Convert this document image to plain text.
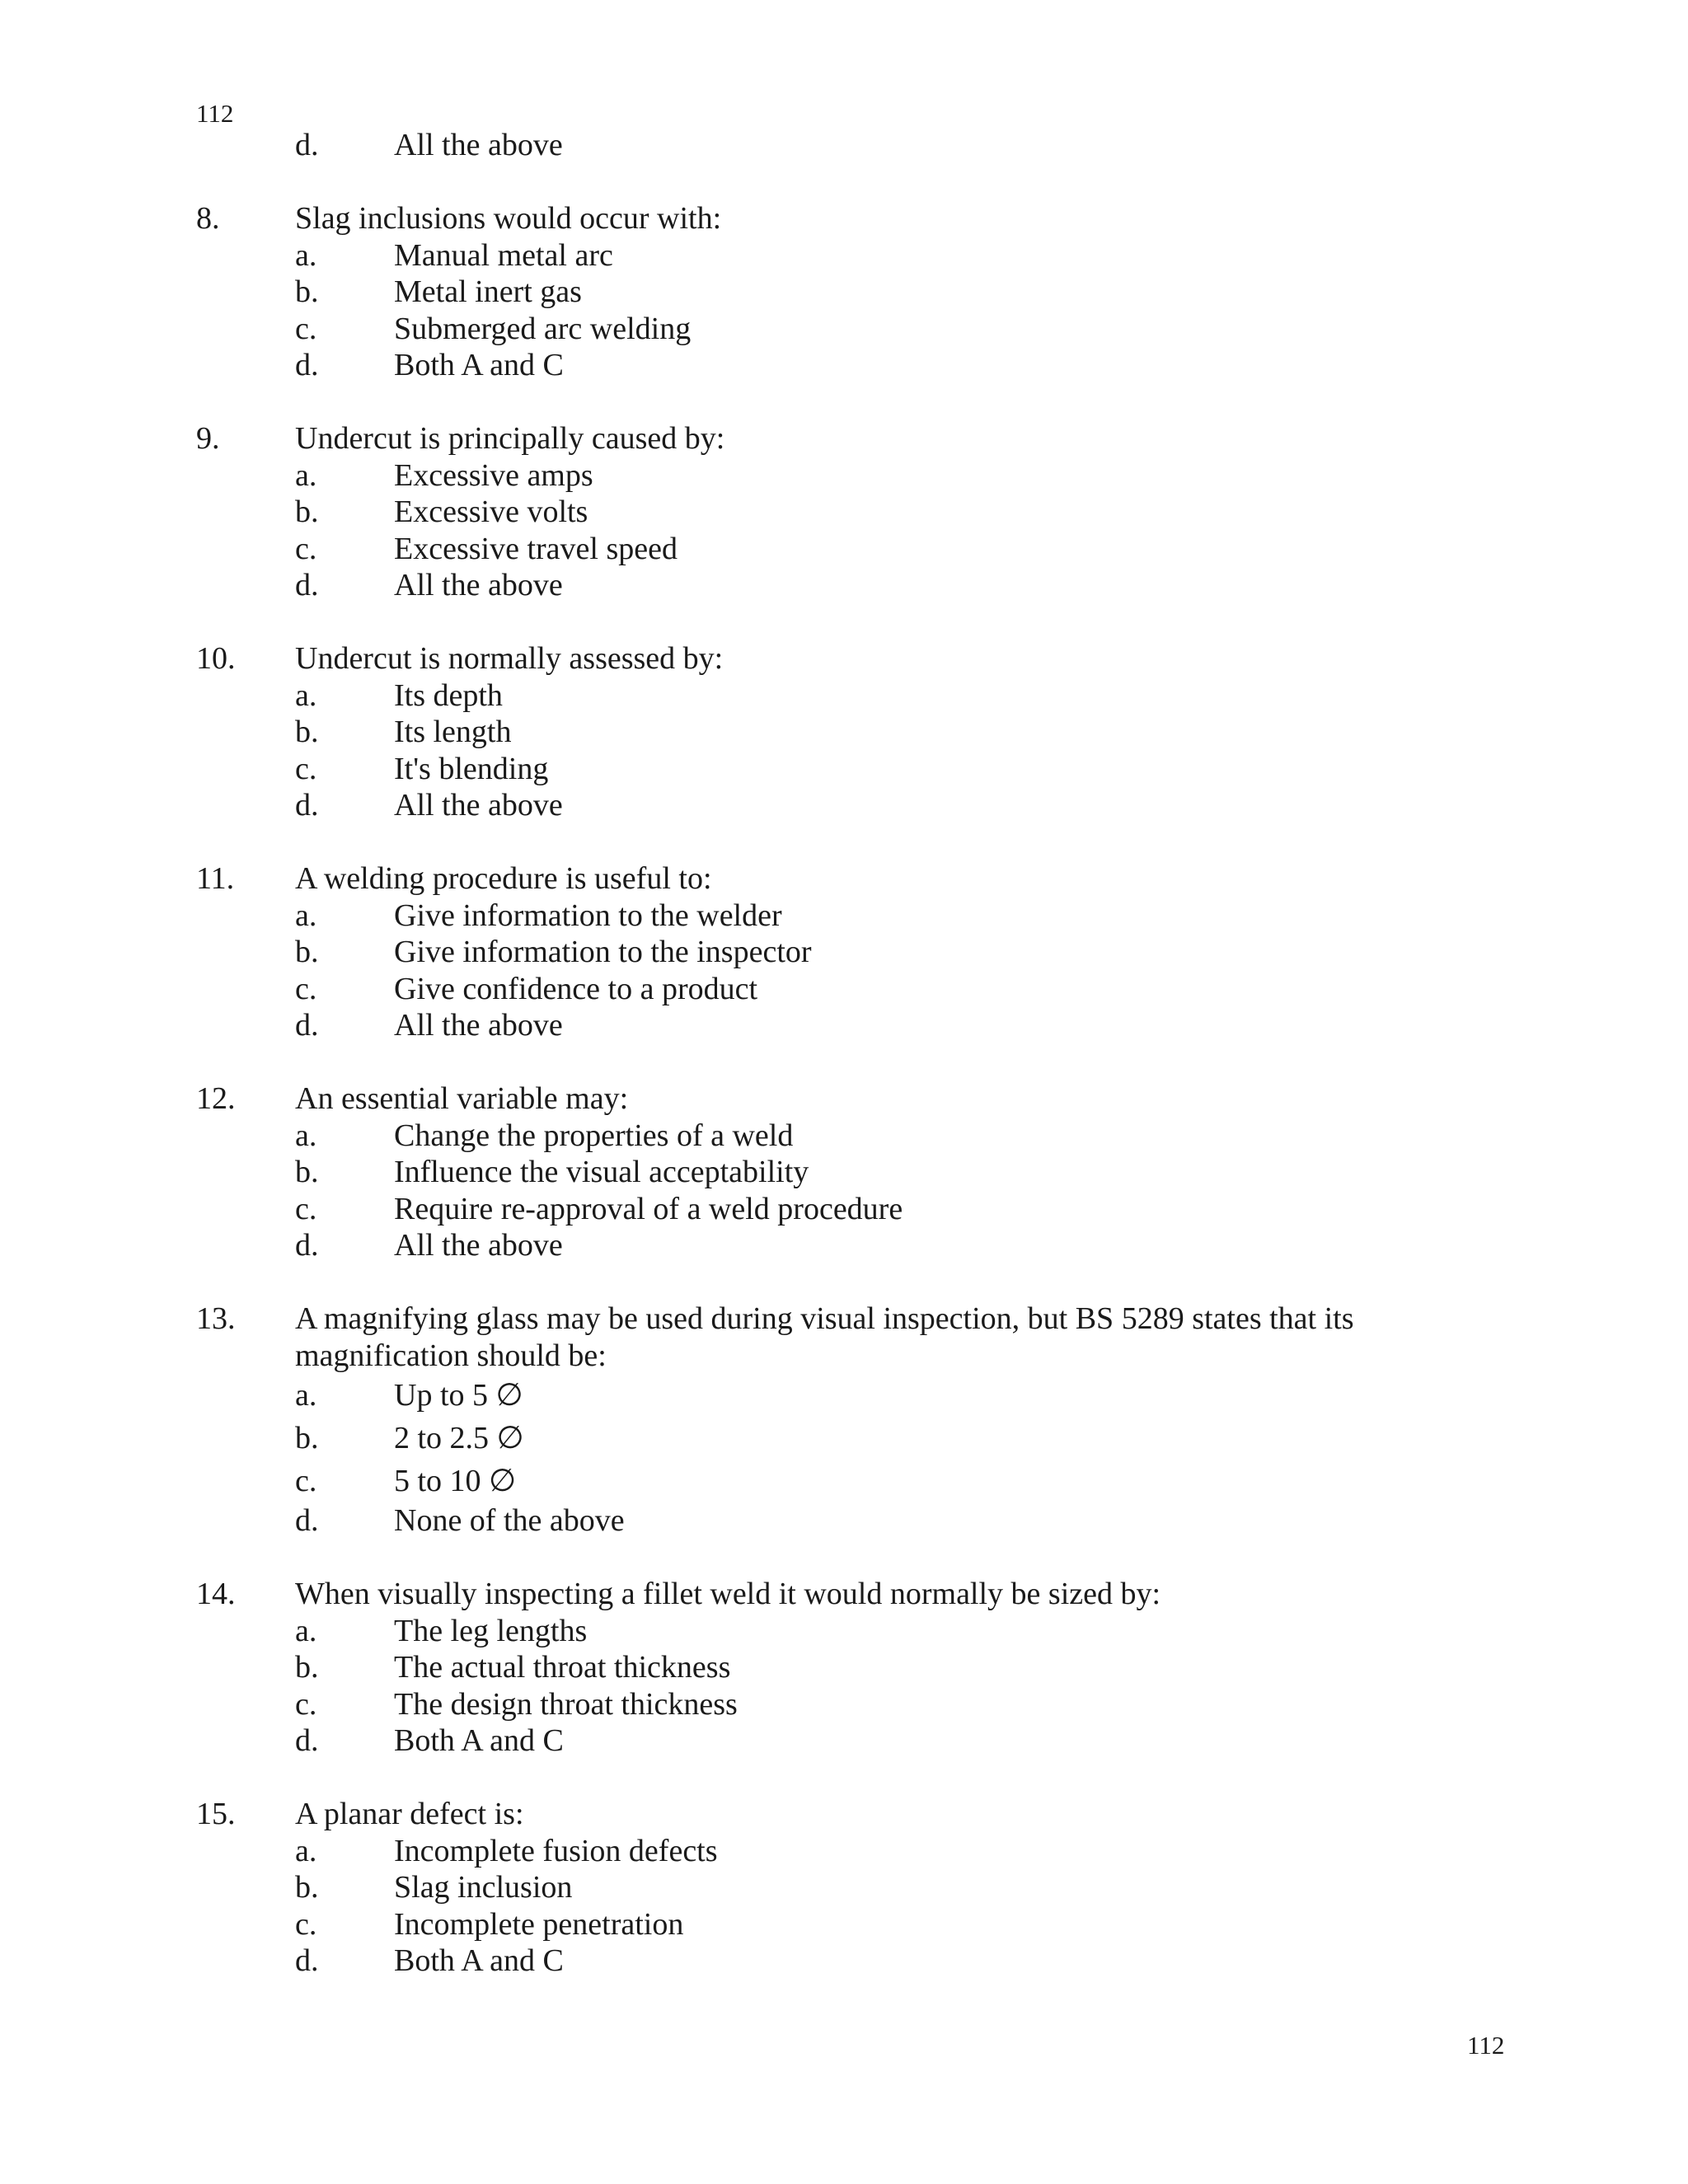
112
d. All the above
8. Slag inclusions would occur with:
a. Manual metal arc
b. Metal inert gas
c. Submerged arc welding
d. Both A and C
9. Undercut is principally caused by:
a. Excessive amps
b. Excessive volts
c. Excessive travel speed
d. All the above
10. Undercut is normally assessed by:
a. Its depth
b. Its length
c. It's blending
d. All the above
11. A welding procedure is useful to:
a. Give information to the welder
b. Give information to the inspector
c. Give confidence to a product
d. All the above
12. An essential variable may:
a. Change the properties of a weld
b. Influence the visual acceptability
c. Require re-approval of a weld procedure
d. All the above
13. A magnifying glass may be used during visual inspection, but BS 5289 states that its
magnification should be:
a. Up to 5 ∅
b. 2 to 2.5 ∅
c. 5 to 10 ∅
d. None of the above
14. When visually inspecting a fillet weld it would normally be sized by:
a. The leg lengths
b. The actual throat thickness
c. The design throat thickness
d. Both A and C
15. A planar defect is:
a. Incomplete fusion defects
b. Slag inclusion
c. Incomplete penetration
d. Both A and C
112
